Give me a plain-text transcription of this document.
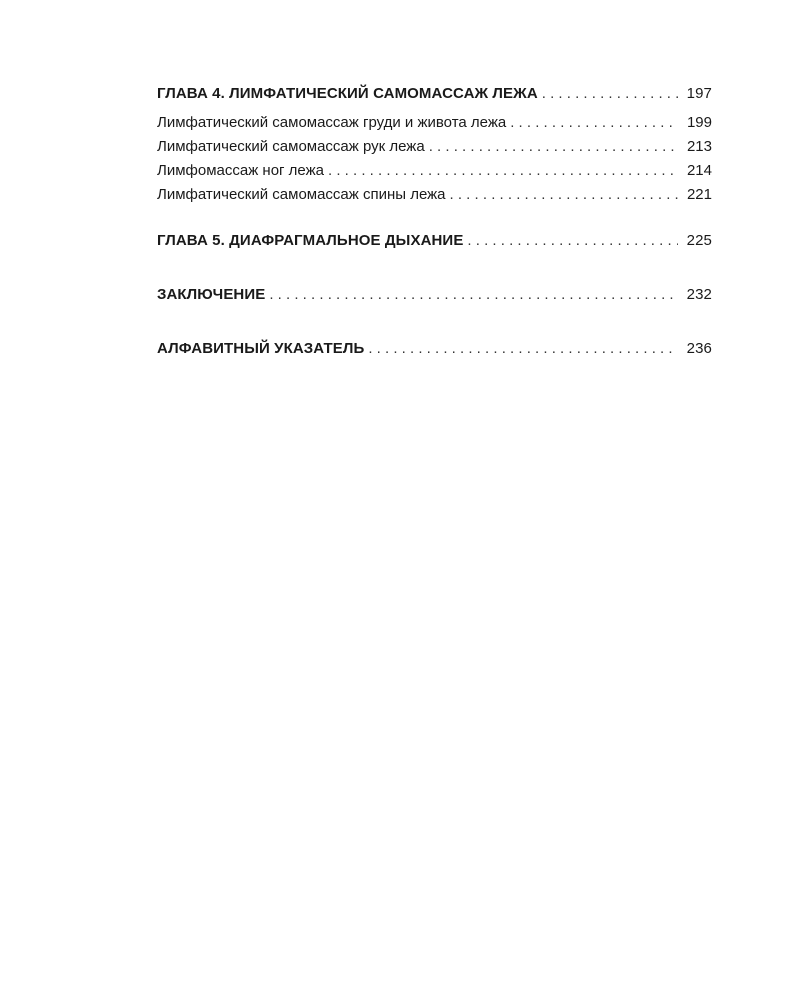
ГЛАВА 4. ЛИМФАТИЧЕСКИЙ САМОМАССАЖ ЛЕЖА . . .	197
Лимфатический самомассаж груди и живота лежа . . .	199
Лимфатический самомассаж рук лежа . . .	213
Лимфомассаж ног лежа . . .	214
Лимфатический самомассаж спины лежа . . .	221
ГЛАВА 5. ДИАФРАГМАЛЬНОЕ ДЫХАНИЕ . . .	225
ЗАКЛЮЧЕНИЕ . . .	232
АЛФАВИТНЫЙ УКАЗАТЕЛЬ . . .	236
